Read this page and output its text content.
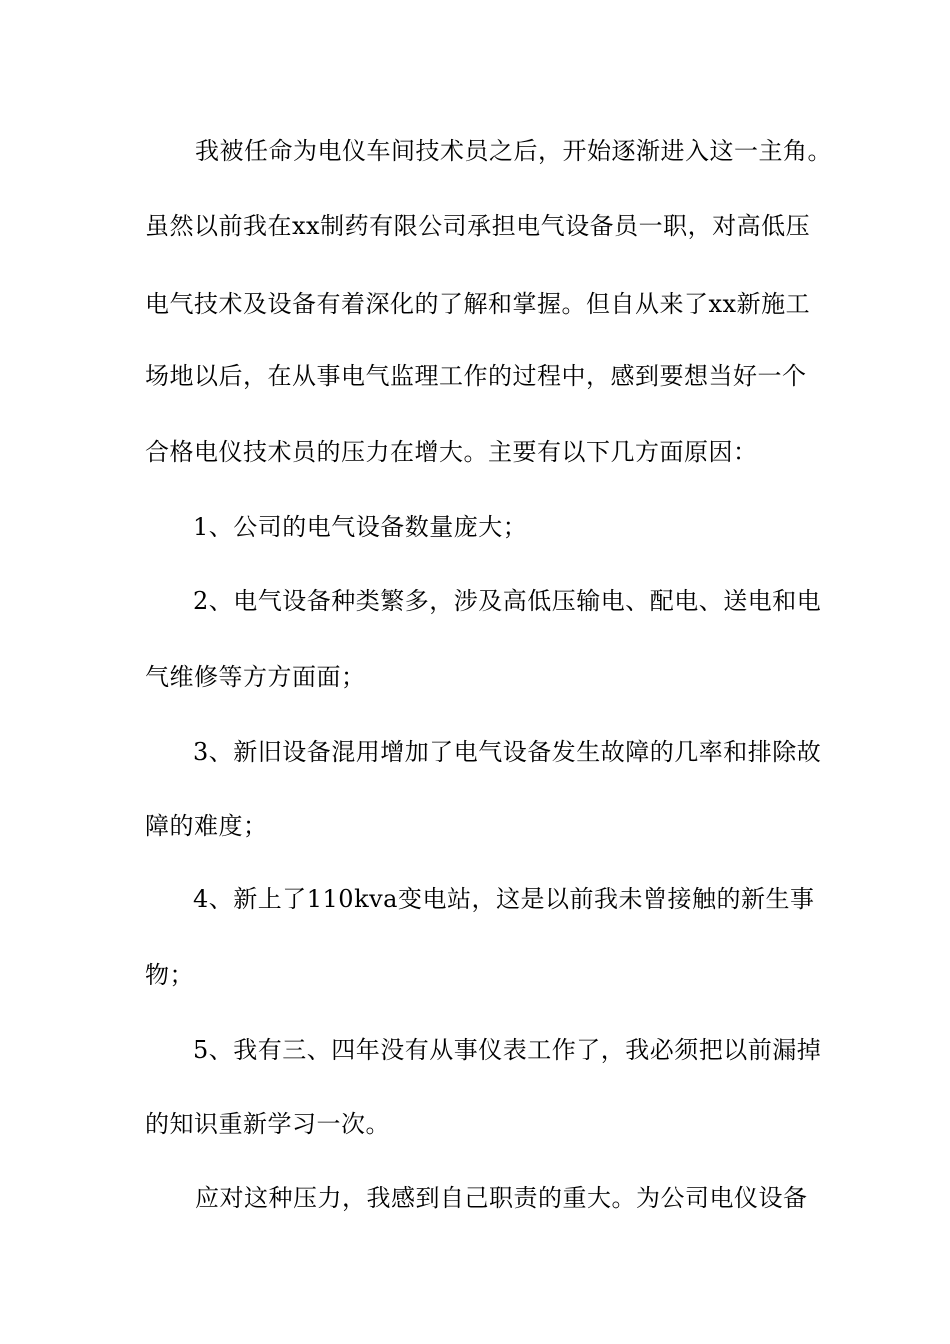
我被任命为电仪车间技术员之后，开始逐渐进入这一主角。
虽然以前我在xx制药有限公司承担电气设备员一职，对高低压
电气技术及设备有着深化的了解和掌握。但自从来了xx新施工
场地以后，在从事电气监理工作的过程中，感到要想当好一个
合格电仪技术员的压力在增大。主要有以下几方面原因：
1、公司的电气设备数量庞大；
2、电气设备种类繁多，涉及高低压输电、配电、送电和电
气维修等方方面面；
3、新旧设备混用增加了电气设备发生故障的几率和排除故
障的难度；
4、新上了110kva变电站，这是以前我未曾接触的新生事
物；
5、我有三、四年没有从事仪表工作了，我必须把以前漏掉
的知识重新学习一次。
应对这种压力，我感到自己职责的重大。为公司电仪设备
